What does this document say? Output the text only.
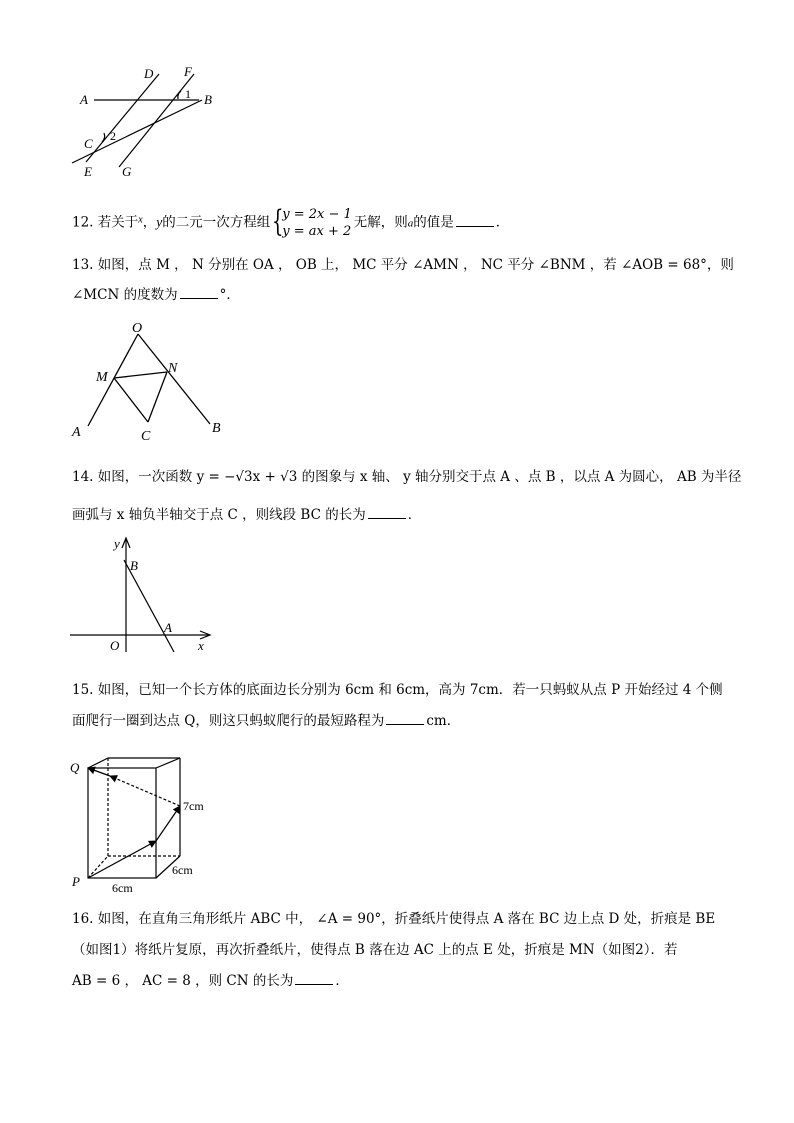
A	B
D F
1
C 2
E G
12. 若关于$^x$，y的二元一次方程组 {
y = 2x − 1
y = ax + 2
无解，则a的值是	．
13. 如图，点 M ， N 分别在 OA ， OB 上， MC 平分 ∠AMN ， NC 平分 ∠BNM ，若 ∠AOB = 68°，则
∠MCN 的度数为	°．
O
M
N
A	B
C
14. 如图，一次函数 y = −√3x + √3 的图象与 x 轴、 y 轴分别交于点 A 、点 B ，以点 A 为圆心， AB 为半径
画弧与 x 轴负半轴交于点 C ，则线段 BC 的长为	．
y
x
O
A
B
15. 如图，已知一个长方体的底面边长分别为 6cm 和 6cm，高为 7cm．若一只蚂蚁从点 P 开始经过 4 个侧
面爬行一圈到达点 Q，则这只蚂蚁爬行的最短路程为	cm．
Q
P
7cm
6cm
6cm
16. 如图，在直角三角形纸片 ABC 中， ∠A = 90°，折叠纸片使得点 A 落在 BC 边上点 D 处，折痕是 BE
（如图1）将纸片复原，再次折叠纸片，使得点 B 落在边 AC 上的点 E 处，折痕是 MN（如图2）．若
AB = 6 ， AC = 8 ，则 CN 的长为	．
